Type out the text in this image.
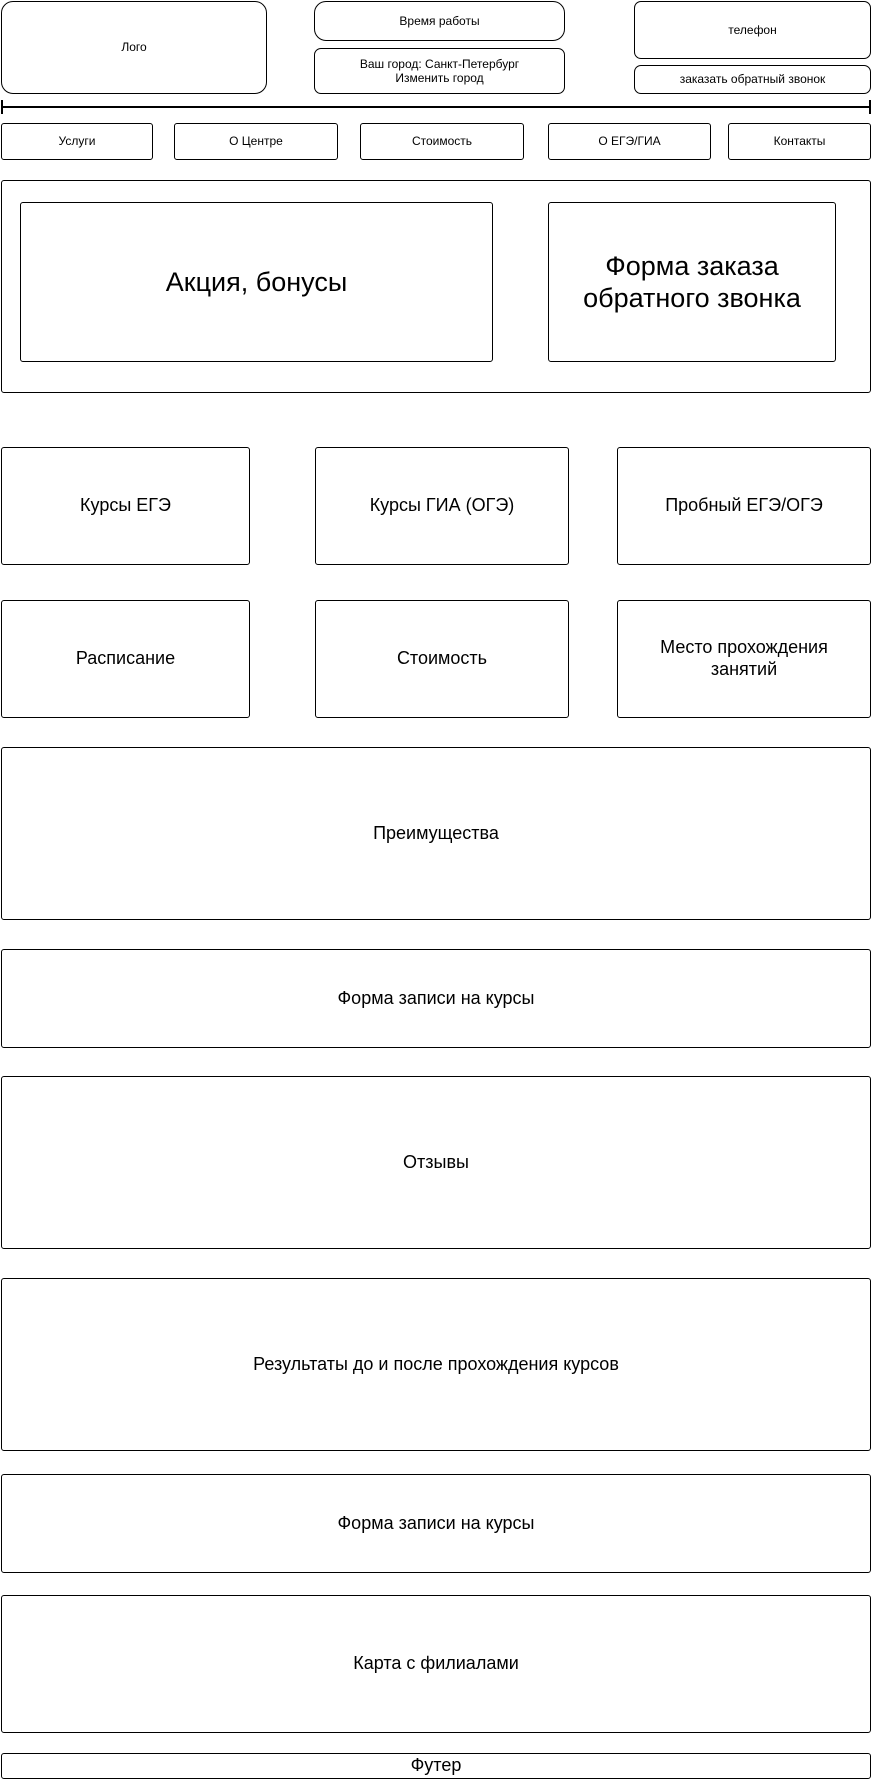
Лого
Время работы
Ваш город: Санкт-Петербург
Изменить город
телефон
заказать обратный звонок
Услуги	О Центре	Стоимость	О ЕГЭ/ГИА	Контакты
Акция, бонусы
Форма заказа обратного звонка
Курсы ЕГЭ	Курсы ГИА (ОГЭ)	Пробный ЕГЭ/ОГЭ
Расписание	Стоимость
Место прохождения занятий
Преимущества
Форма записи на курсы
Отзывы
Результаты до и после прохождения курсов
Форма записи на курсы
Карта с филиалами
Футер
